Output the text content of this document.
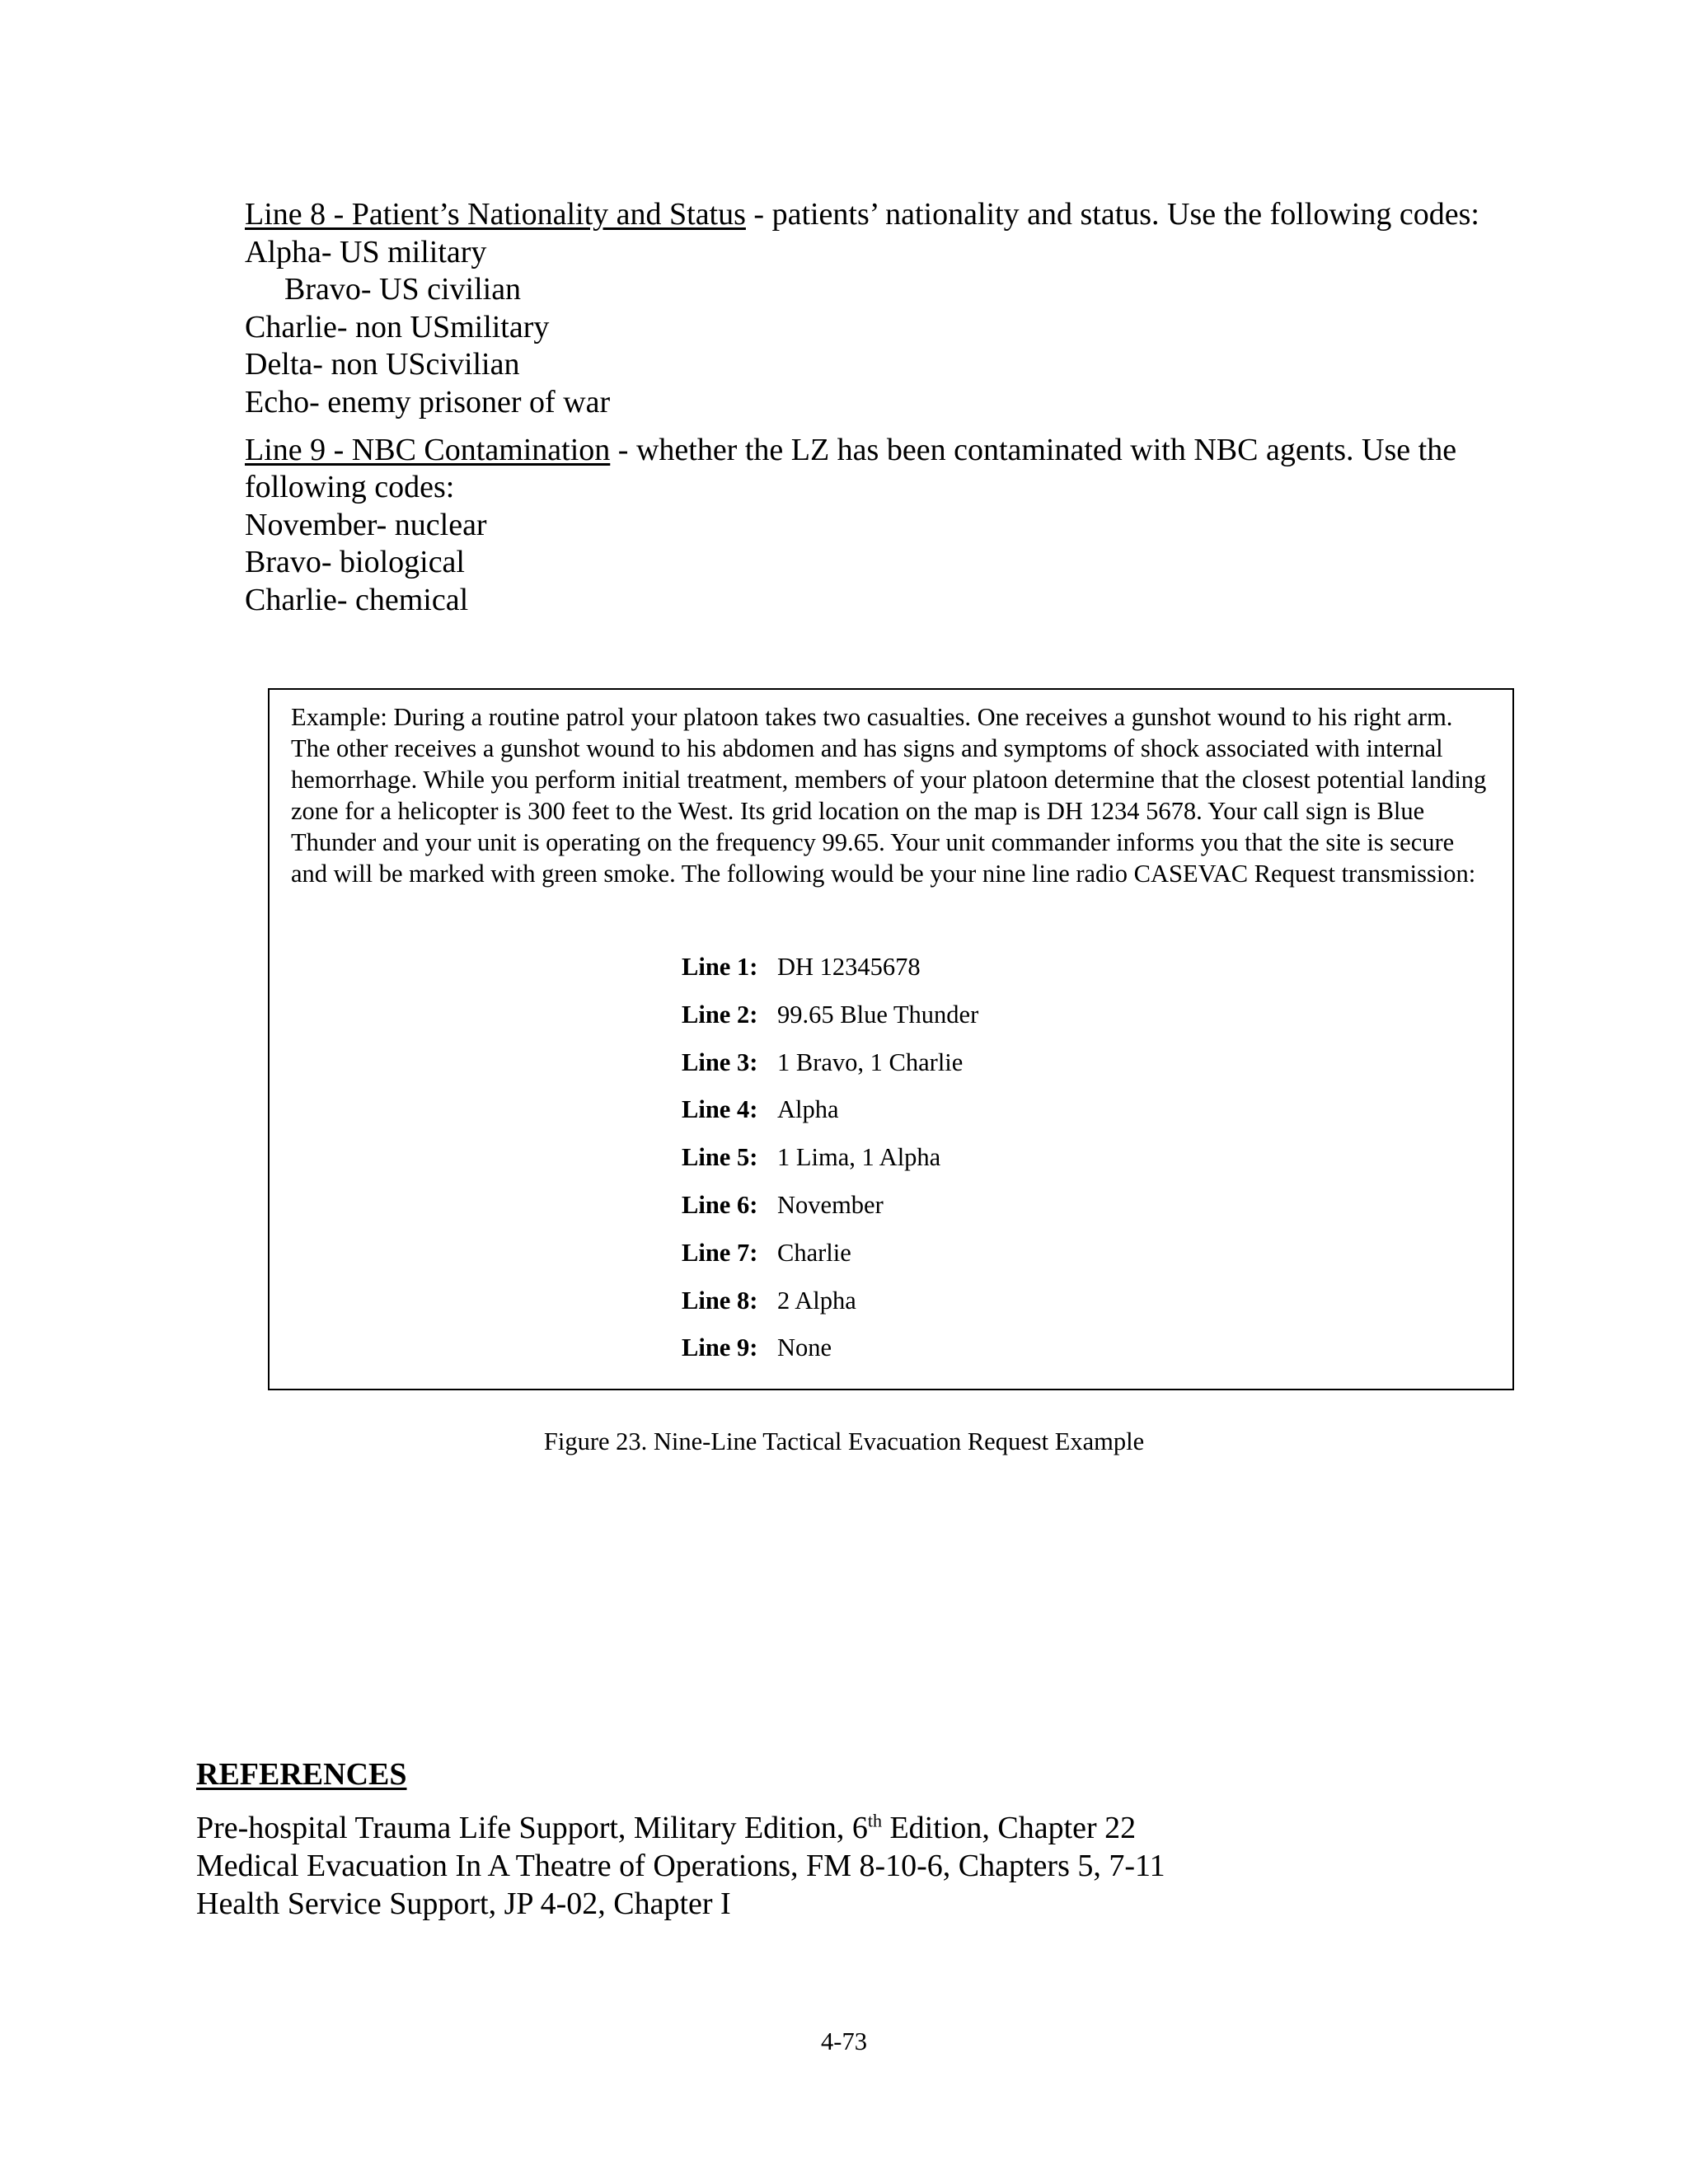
Line 8 - Patient’s Nationality and Status - patients’ nationality and status. Use the following codes:
Alpha- US military
Bravo- US civilian
Charlie- non USmilitary
Delta- non UScivilian
Echo- enemy prisoner of war

Line 9 - NBC Contamination - whether the LZ has been contaminated with NBC agents. Use the following codes:
November- nuclear
Bravo- biological
Charlie- chemical

Example: During a routine patrol your platoon takes two casualties. One receives a gunshot wound to his right arm. The other receives a gunshot wound to his abdomen and has signs and symptoms of shock associated with internal hemorrhage. While you perform initial treatment, members of your platoon determine that the closest potential landing zone for a helicopter is 300 feet to the West. Its grid location on the map is DH 1234 5678. Your call sign is Blue Thunder and your unit is operating on the frequency 99.65. Your unit commander informs you that the site is secure and will be marked with green smoke. The following would be your nine line radio CASEVAC Request transmission:

Line 1: DH 12345678
Line 2: 99.65 Blue Thunder
Line 3: 1 Bravo, 1 Charlie
Line 4: Alpha
Line 5: 1 Lima, 1 Alpha
Line 6: November
Line 7: Charlie
Line 8: 2 Alpha
Line 9: None
Figure 23. Nine-Line Tactical Evacuation Request Example
REFERENCES
Pre-hospital Trauma Life Support, Military Edition, 6th Edition, Chapter 22
Medical Evacuation In A Theatre of Operations, FM 8-10-6, Chapters 5, 7-11
Health Service Support, JP 4-02, Chapter I
4-73
